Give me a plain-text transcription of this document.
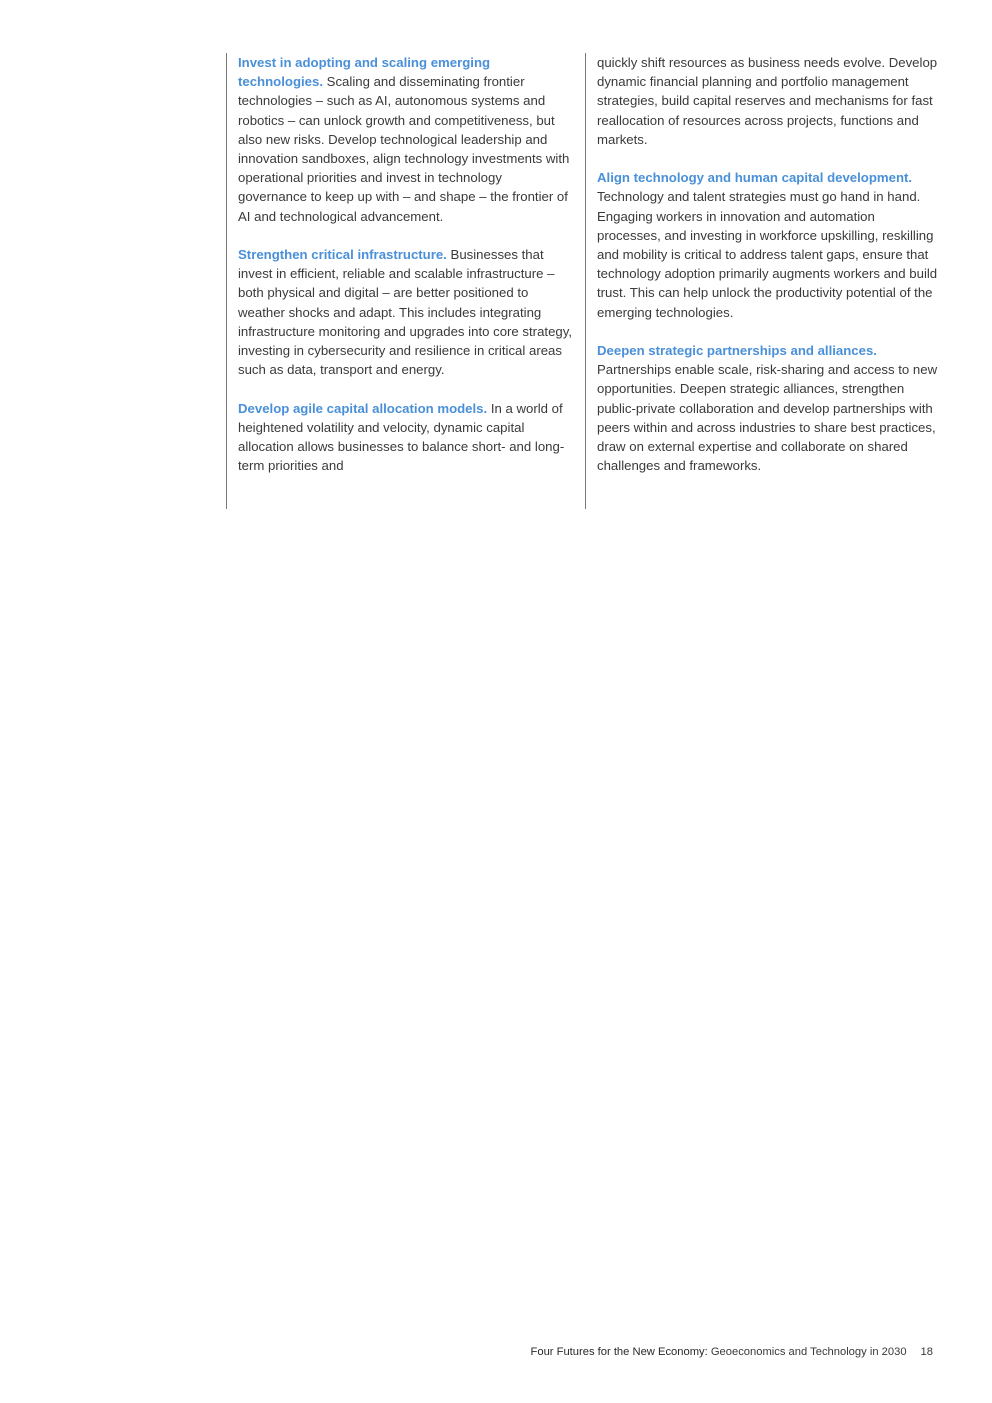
Invest in adopting and scaling emerging technologies. Scaling and disseminating frontier technologies – such as AI, autonomous systems and robotics – can unlock growth and competitiveness, but also new risks. Develop technological leadership and innovation sandboxes, align technology investments with operational priorities and invest in technology governance to keep up with – and shape – the frontier of AI and technological advancement.

Strengthen critical infrastructure. Businesses that invest in efficient, reliable and scalable infrastructure – both physical and digital – are better positioned to weather shocks and adapt. This includes integrating infrastructure monitoring and upgrades into core strategy, investing in cybersecurity and resilience in critical areas such as data, transport and energy.

Develop agile capital allocation models. In a world of heightened volatility and velocity, dynamic capital allocation allows businesses to balance short- and long-term priorities and

quickly shift resources as business needs evolve. Develop dynamic financial planning and portfolio management strategies, build capital reserves and mechanisms for fast reallocation of resources across projects, functions and markets.

Align technology and human capital development. Technology and talent strategies must go hand in hand. Engaging workers in innovation and automation processes, and investing in workforce upskilling, reskilling and mobility is critical to address talent gaps, ensure that technology adoption primarily augments workers and build trust. This can help unlock the productivity potential of the emerging technologies.

Deepen strategic partnerships and alliances. Partnerships enable scale, risk-sharing and access to new opportunities. Deepen strategic alliances, strengthen public-private collaboration and develop partnerships with peers within and across industries to share best practices, draw on external expertise and collaborate on shared challenges and frameworks.

Four Futures for the New Economy: Geoeconomics and Technology in 2030 18
